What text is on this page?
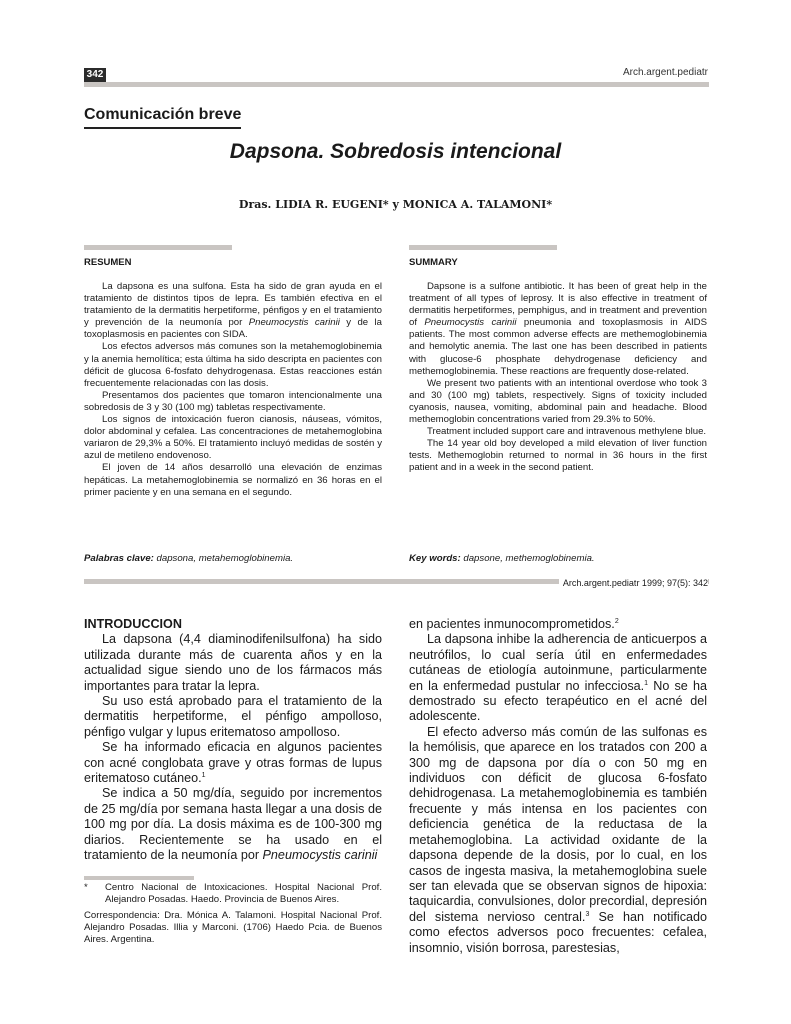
342	Arch.argent.pediatr
Comunicación breve
Dapsona. Sobredosis intencional
Dras. LIDIA R. EUGENI* y MONICA A. TALAMONI*
RESUMEN

La dapsona es una sulfona. Esta ha sido de gran ayuda en el tratamiento de distintos tipos de lepra. Es también efectiva en el tratamiento de la dermatitis herpetiforme, pénfigos y en el tratamiento y prevención de la neumonía por Pneumocystis carinii y de la toxoplasmosis en pacientes con SIDA.

Los efectos adversos más comunes son la metahemoglobinemia y la anemia hemolítica; esta última ha sido descripta en pacientes con déficit de glucosa 6-fosfato dehydrogenasa. Estas reacciones están frecuentemente relacionadas con las dosis.

Presentamos dos pacientes que tomaron intencionalmente una sobredosis de 3 y 30 (100 mg) tabletas respectivamente.

Los signos de intoxicación fueron cianosis, náuseas, vómitos, dolor abdominal y cefalea. Las concentraciones de metahemoglobina variaron de 29,3% a 50%. El tratamiento incluyó medidas de sostén y azul de metileno endovenoso.

El joven de 14 años desarrolló una elevación de enzimas hepáticas. La metahemoglobinemia se normalizó en 36 horas en el primer paciente y en una semana en el segundo.

Palabras clave: dapsona, metahemoglobinemia.
SUMMARY

Dapsone is a sulfone antibiotic. It has been of great help in the treatment of all types of leprosy. It is also effective in treatment of dermatitis herpetiformes, pemphigus, and in treatment and prevention of Pneumocystis carinii pneumonia and toxoplasmosis in AIDS patients. The most common adverse effects are methemoglobinemia and hemolytic anemia. The last one has been described in patients with glucose-6 phosphate dehydrogenase deficiency and methemoglobinemia. These reactions are frequently dose-related.

We present two patients with an intentional overdose who took 3 and 30 (100 mg) tablets, respectively. Signs of toxicity included cyanosis, nausea, vomiting, abdominal pain and headache. Blood methemoglobin concentrations varied from 29.3% to 50%.

Treatment included support care and intravenous methylene blue.

The 14 year old boy developed a mild elevation of liver function tests. Methemoglobin returned to normal in 36 hours in the first patient and in a week in the second patient.

Key words: dapsone, methemoglobinemia.
Arch.argent.pediatr 1999; 97(5): 342
INTRODUCCION

La dapsona (4,4 diaminodifenilsulfona) ha sido utilizada durante más de cuarenta años y en la actualidad sigue siendo uno de los fármacos más importantes para tratar la lepra.

Su uso está aprobado para el tratamiento de la dermatitis herpetiforme, el pénfigo ampolloso, pénfigo vulgar y lupus eritematoso ampolloso.

Se ha informado eficacia en algunos pacientes con acné conglobata grave y otras formas de lupus eritematoso cutáneo.$^1$

Se indica a 50 mg/día, seguido por incrementos de 25 mg/día por semana hasta llegar a una dosis de 100 mg por día. La dosis máxima es de 100-300 mg diarios. Recientemente se ha usado en el tratamiento de la neumonía por Pneumocystis carinii

*	Centro Nacional de Intoxicaciones. Hospital Nacional Prof. Alejandro Posadas. Haedo. Provincia de Buenos Aires.
Correspondencia: Dra. Mónica A. Talamoni. Hospital Nacional Prof. Alejandro Posadas. Illia y Marconi. (1706) Haedo Pcia. de Buenos Aires. Argentina.

en pacientes inmunocomprometidos.$^2$

La dapsona inhibe la adherencia de anticuerpos a neutrófilos, lo cual sería útil en enfermedades cutáneas de etiología autoinmune, particularmente en la enfermedad pustular no infecciosa.$^1$ No se ha demostrado su efecto terapéutico en el acné del adolescente.

El efecto adverso más común de las sulfonas es la hemólisis, que aparece en los tratados con 200 a 300 mg de dapsona por día o con 50 mg en individuos con déficit de glucosa 6-fosfato dehidrogenasa. La metahemoglobinemia es también frecuente y más intensa en los pacientes con deficiencia genética de la reductasa de la metahemoglobina. La actividad oxidante de la dapsona depende de la dosis, por lo cual, en los casos de ingesta masiva, la metahemoglobina suele ser tan elevada que se observan signos de hipoxia: taquicardia, convulsiones, dolor precordial, depresión del sistema nervioso central.$^3$ Se han notificado como efectos adversos poco frecuentes: cefalea, insomnio, visión borrosa, parestesias,
